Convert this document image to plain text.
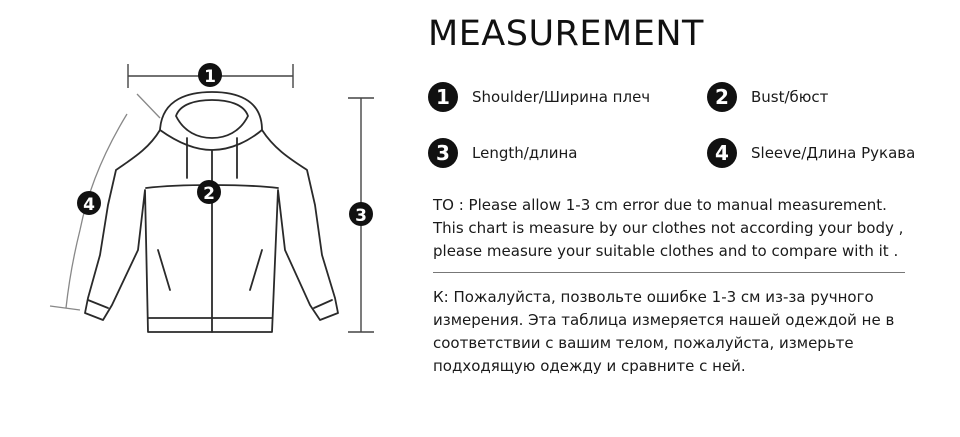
1
2
3
4
MEASUREMENT
1	Shoulder/Ширина плеч	2	Bust/бюст
3	Length/длина	4	Sleeve/Длина Рукава
TO : Please allow 1-3 cm error due to manual measurement.
This chart is measure by our clothes not according your body ,
please measure your suitable clothes and to compare with it .
К: Пожалуйста, позвольте ошибке 1-3 см из-за ручного
измерения. Эта таблица измеряется нашей одеждой не в
соответствии с вашим телом, пожалуйста, измерьте
подходящую одежду и сравните с ней.
